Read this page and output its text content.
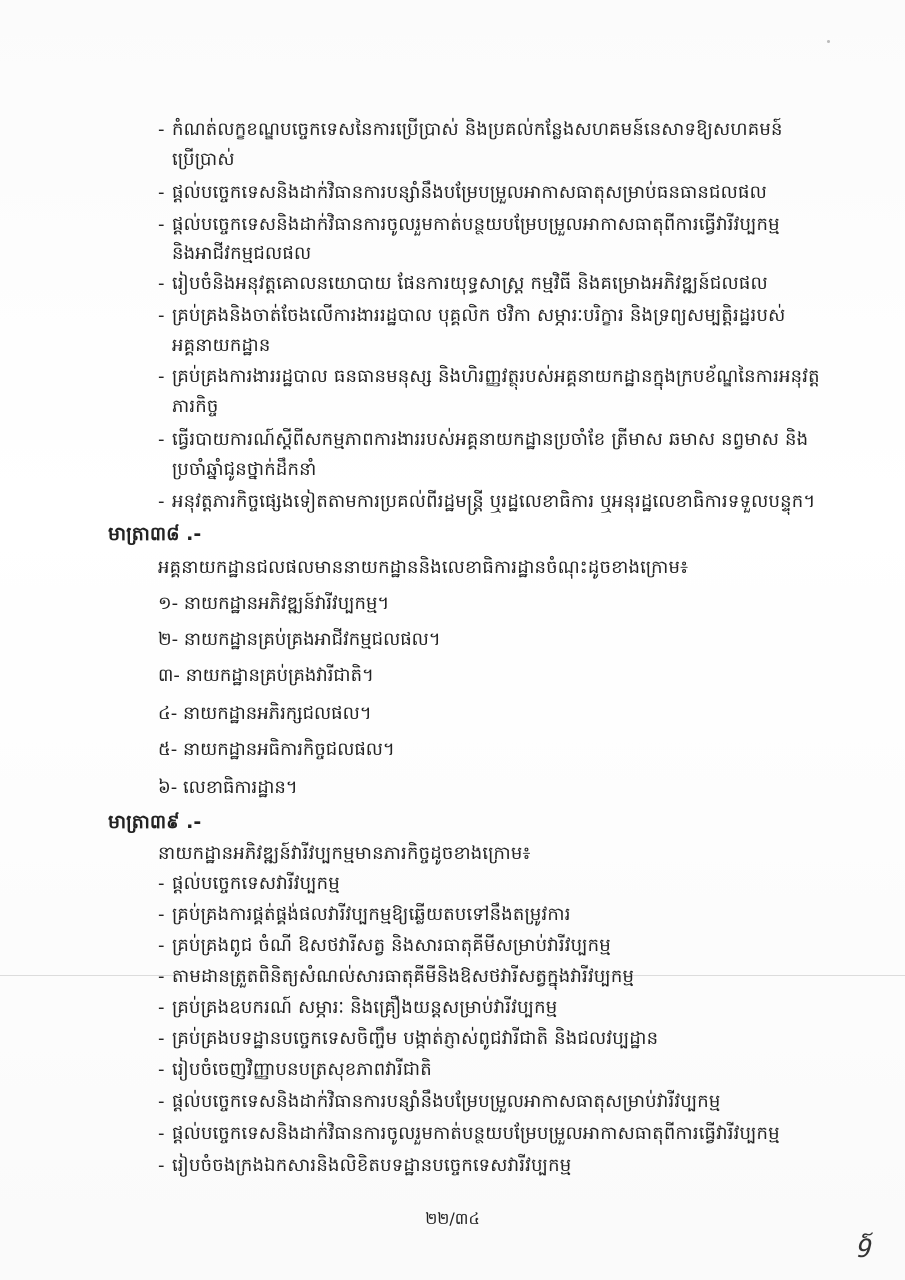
- កំណត់លក្ខខណ្ឌបច្ចេកទេសនៃការប្រើប្រាស់ និងប្រគល់កន្លែងសហគមន៍នេសាទឱ្យសហគមន៍
ប្រើប្រាស់
- ផ្តល់បច្ចេកទេសនិងដាក់វិធានការបន្សាំនឹងបម្រែបម្រួលអាកាសធាតុសម្រាប់ធនធានជលផល
- ផ្តល់បច្ចេកទេសនិងដាក់វិធានការចូលរួមកាត់បន្ថយបម្រែបម្រួលអាកាសធាតុពីការធ្វើវារីវប្បកម្ម
និងអាជីវកម្មជលផល
- រៀបចំនិងអនុវត្តគោលនយោបាយ ផែនការយុទ្ធសាស្ត្រ កម្មវិធី និងគម្រោងអភិវឌ្ឍន៍ជលផល
- គ្រប់គ្រងនិងចាត់ចែងលើការងាររដ្ឋបាល បុគ្គលិក ថវិកា សម្ភារៈបរិក្ខារ និងទ្រព្យសម្បត្តិរដ្ឋរបស់
អគ្គនាយកដ្ឋាន
- គ្រប់គ្រងការងាររដ្ឋបាល ធនធានមនុស្ស និងហិរញ្ញវត្ថុរបស់អគ្គនាយកដ្ឋានក្នុងក្របខ័ណ្ឌនៃការអនុវត្ត
ភារកិច្ច
- ធ្វើរបាយការណ៍ស្តីពីសកម្មភាពការងាររបស់អគ្គនាយកដ្ឋានប្រចាំខែ ត្រីមាស ឆមាស នព្វមាស និង
ប្រចាំឆ្នាំជូនថ្នាក់ដឹកនាំ
- អនុវត្តភារកិច្ចផ្សេងទៀតតាមការប្រគល់ពីរដ្ឋមន្ត្រី ឬរដ្ឋលេខាធិការ ឬអនុរដ្ឋលេខាធិការទទួលបន្ទុក។
មាត្រា៣៨ .-
អគ្គនាយកដ្ឋានជលផលមាននាយកដ្ឋាននិងលេខាធិការដ្ឋានចំណុះដូចខាងក្រោម៖
១- នាយកដ្ឋានអភិវឌ្ឍន៍វារីវប្បកម្ម។
២- នាយកដ្ឋានគ្រប់គ្រងអាជីវកម្មជលផល។
៣- នាយកដ្ឋានគ្រប់គ្រងវារីជាតិ។
៤- នាយកដ្ឋានអភិរក្សជលផល។
៥- នាយកដ្ឋានអធិការកិច្ចជលផល។
៦- លេខាធិការដ្ឋាន។
មាត្រា៣៩ .-
នាយកដ្ឋានអភិវឌ្ឍន៍វារីវប្បកម្មមានភារកិច្ចដូចខាងក្រោម៖
- ផ្តល់បច្ចេកទេសវារីវប្បកម្ម
- គ្រប់គ្រងការផ្គត់ផ្គង់ផលវារីវប្បកម្មឱ្យឆ្លើយតបទៅនឹងតម្រូវការ
- គ្រប់គ្រងពូជ ចំណី ឱសថវារីសត្វ និងសារធាតុគីមីសម្រាប់វារីវប្បកម្ម
- តាមដានត្រួតពិនិត្យសំណល់សារធាតុគីមីនិងឱសថវារីសត្វក្នុងវារីវប្បកម្ម
- គ្រប់គ្រងឧបករណ៍ សម្ភារៈ និងគ្រឿងយន្តសម្រាប់វារីវប្បកម្ម
- គ្រប់គ្រងបទដ្ឋានបច្ចេកទេសចិញ្ចឹម បង្កាត់ភ្ញាស់ពូជវារីជាតិ និងជលវប្បដ្ឋាន
- រៀបចំចេញវិញ្ញាបនបត្រសុខភាពវារីជាតិ
- ផ្តល់បច្ចេកទេសនិងដាក់វិធានការបន្សាំនឹងបម្រែបម្រួលអាកាសធាតុសម្រាប់វារីវប្បកម្ម
- ផ្តល់បច្ចេកទេសនិងដាក់វិធានការចូលរួមកាត់បន្ថយបម្រែបម្រួលអាកាសធាតុពីការធ្វើវារីវប្បកម្ម
- រៀបចំចងក្រងឯកសារនិងលិខិតបទដ្ឋានបច្ចេកទេសវារីវប្បកម្ម
២២/៣៤
9៍
